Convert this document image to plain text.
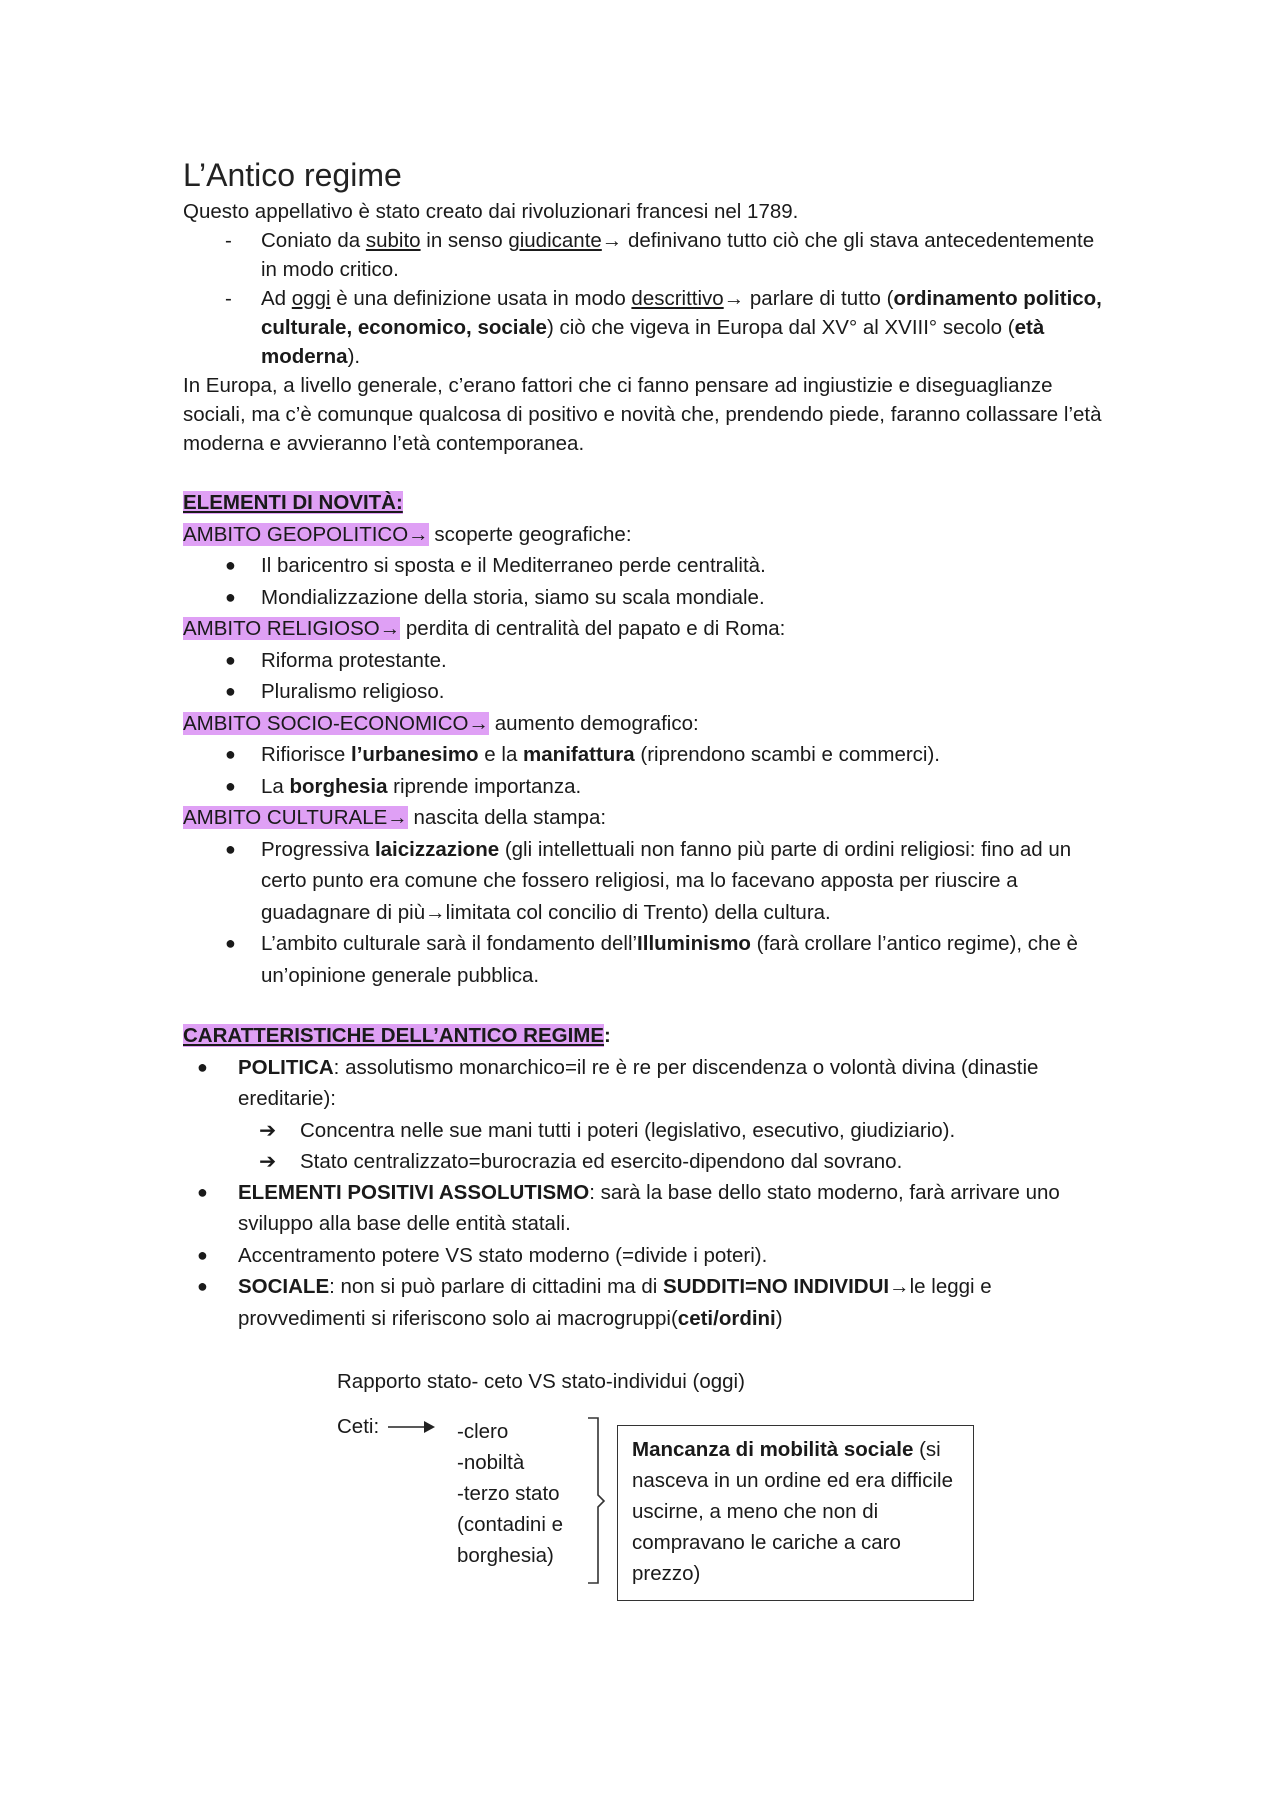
L’Antico regime

Questo appellativo è stato creato dai rivoluzionari francesi nel 1789.

- Coniato da subito in senso giudicante→ definivano tutto ciò che gli stava antecedentemente in modo critico.
- Ad oggi è una definizione usata in modo descrittivo→ parlare di tutto (ordinamento politico, culturale, economico, sociale) ciò che vigeva in Europa dal XV° al XVIII° secolo (età moderna).

In Europa, a livello generale, c’erano fattori che ci fanno pensare ad ingiustizie e diseguaglianze sociali, ma c’è comunque qualcosa di positivo e novità che, prendendo piede, faranno collassare l’età moderna e avvieranno l’età contemporanea.

ELEMENTI DI NOVITÀ:
AMBITO GEOPOLITICO→ scoperte geografiche:
● Il baricentro si sposta e il Mediterraneo perde centralità.
● Mondializzazione della storia, siamo su scala mondiale.
AMBITO RELIGIOSO→ perdita di centralità del papato e di Roma:
● Riforma protestante.
● Pluralismo religioso.
AMBITO SOCIO-ECONOMICO→ aumento demografico:
● Rifiorisce l’urbanesimo e la manifattura (riprendono scambi e commerci).
● La borghesia riprende importanza.
AMBITO CULTURALE→ nascita della stampa:
● Progressiva laicizzazione (gli intellettuali non fanno più parte di ordini religiosi: fino ad un certo punto era comune che fossero religiosi, ma lo facevano apposta per riuscire a guadagnare di più→limitata col concilio di Trento) della cultura.
● L’ambito culturale sarà il fondamento dell’Illuminismo (farà crollare l’antico regime), che è un’opinione generale pubblica.
CARATTERISTICHE DELL’ANTICO REGIME:
● POLITICA: assolutismo monarchico=il re è re per discendenza o volontà divina (dinastie ereditarie):
➔ Concentra nelle sue mani tutti i poteri (legislativo, esecutivo, giudiziario).
➔ Stato centralizzato=burocrazia ed esercito-dipendono dal sovrano.
● ELEMENTI POSITIVI ASSOLUTISMO: sarà la base dello stato moderno, farà arrivare uno sviluppo alla base delle entità statali.
● Accentramento potere VS stato moderno (=divide i poteri).
● SOCIALE: non si può parlare di cittadini ma di SUDDITI=NO INDIVIDUI→le leggi e provvedimenti si riferiscono solo ai macrogruppi(ceti/ordini)
Rapporto stato- ceto VS stato-individui (oggi)
Ceti:	-clero
-nobiltà
-terzo stato
(contadini e
borghesia)
Mancanza di mobilità sociale (si nasceva in un ordine ed era difficile uscirne, a meno che non di compravano le cariche a caro prezzo)
